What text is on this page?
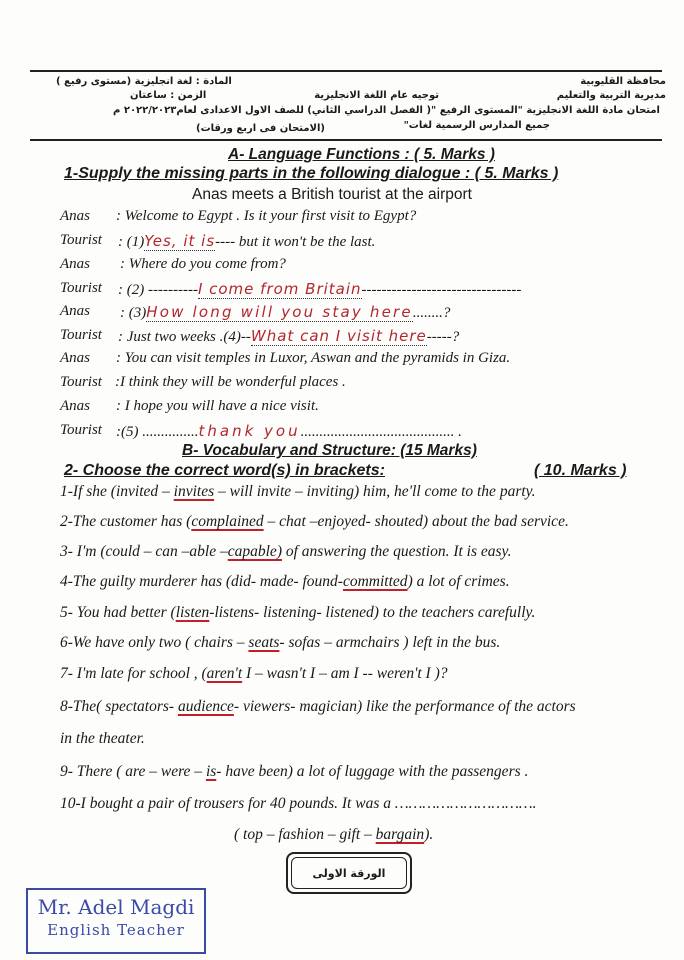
محافظة القليوبية
مديرية التربية والتعليم
توجيه عام اللغة الانجليزية
المادة : لغة انجليزية (مستوى رفيع )
الزمن : ساعتان
امتحان مادة اللغة الانجليزية "المستوى الرفيع "( الفصل الدراسي الثاني) للصف الاول الاعدادى لعام٢٠٢٢/٢٠٢٣ م
جميع المدارس الرسمية لغات"
(الامتحان فى اربع ورقات)
A- Language Functions : ( 5. Marks )
1-Supply the missing parts in the following dialogue : ( 5. Marks )
Anas meets a British tourist at the airport
Anas	: Welcome to Egypt . Is it your first visit to Egypt?
Tourist : (1)Yes, it is---- but it won't be the last.
Anas : Where do you come from?
Tourist : (2) ----------I come from Britain--------------------------------
Anas : (3)How long will you stay here........?
Tourist : Just two weeks .(4)--What can I visit here-----?
Anas : You can visit temples in Luxor, Aswan and the pyramids in Giza.
Tourist :I think they will be wonderful places .
Anas : I hope you will have a nice visit.
Tourist :(5) ...............thank you......................................... .
B- Vocabulary and Structure: (15 Marks)
2- Choose the correct word(s) in brackets:	( 10. Marks )
1-If she (invited – invites – will invite – inviting) him, he'll come to the party.
2-The customer has (complained – chat –enjoyed- shouted) about the bad service.
3- I'm (could – can –able –capable) of answering the question. It is easy.
4-The guilty murderer has (did- made- found-committed) a lot of crimes.
5- You had better (listen-listens- listening- listened) to the teachers carefully.
6-We have only two ( chairs – seats- sofas – armchairs ) left in the bus.
7- I'm late for school , (aren't I – wasn't I – am I -- weren't I )?
8-The( spectators- audience- viewers- magician) like the performance of the actors
in the theater.
9- There ( are – were – is- have been) a lot of luggage with the passengers .
10-I bought a pair of trousers for 40 pounds. It was a ………………………….
( top – fashion – gift – bargain).
الورقة الاولى
Mr. Adel Magdi
English Teacher
